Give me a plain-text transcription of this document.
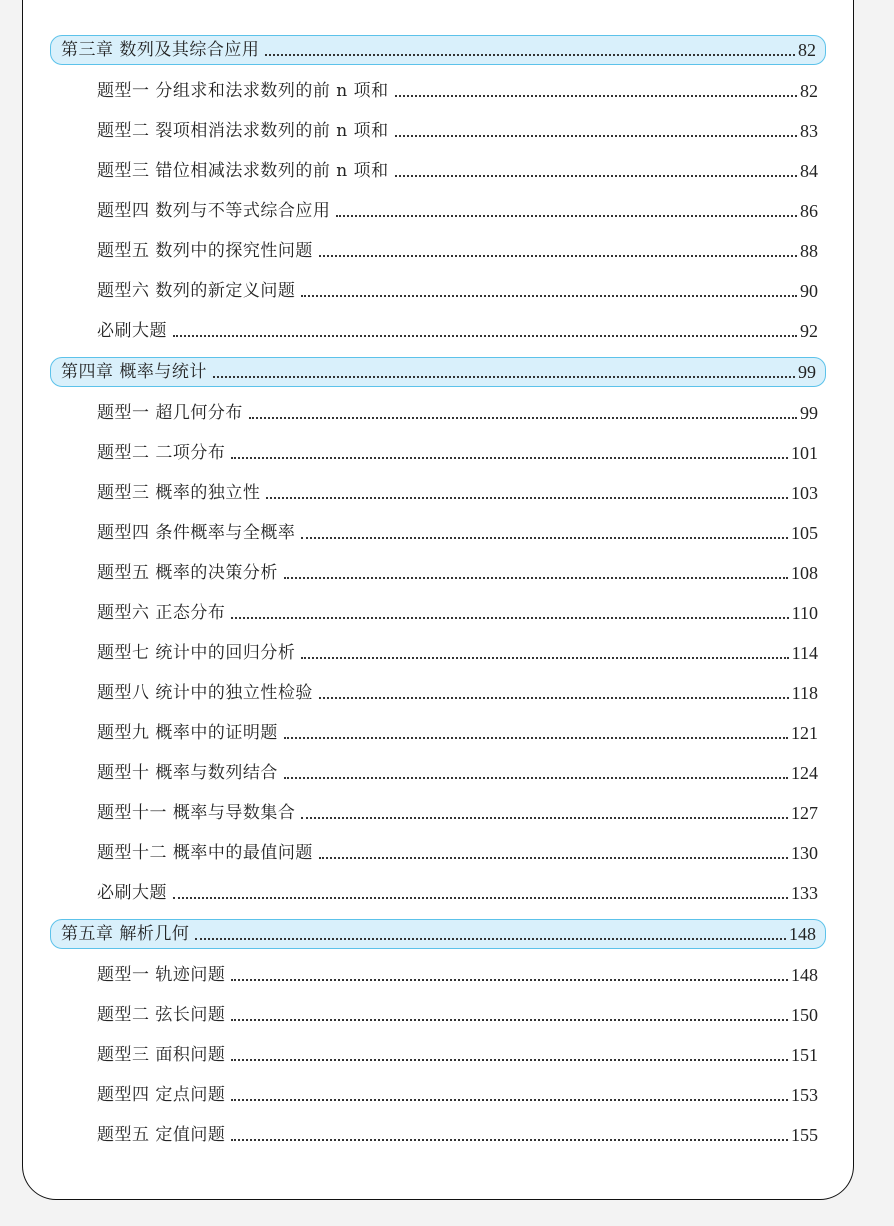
第三章 数列及其综合应用	82
题型一 分组求和法求数列的前 n 项和	82
题型二 裂项相消法求数列的前 n 项和	83
题型三 错位相减法求数列的前 n 项和	84
题型四 数列与不等式综合应用	86
题型五 数列中的探究性问题	88
题型六 数列的新定义问题	90
必刷大题	92
第四章 概率与统计	99
题型一 超几何分布	99
题型二 二项分布	101
题型三 概率的独立性	103
题型四 条件概率与全概率	105
题型五 概率的决策分析	108
题型六 正态分布	110
题型七 统计中的回归分析	114
题型八 统计中的独立性检验	118
题型九 概率中的证明题	121
题型十 概率与数列结合	124
题型十一 概率与导数集合	127
题型十二 概率中的最值问题	130
必刷大题	133
第五章 解析几何	148
题型一 轨迹问题	148
题型二 弦长问题	150
题型三 面积问题	151
题型四 定点问题	153
题型五 定值问题	155
